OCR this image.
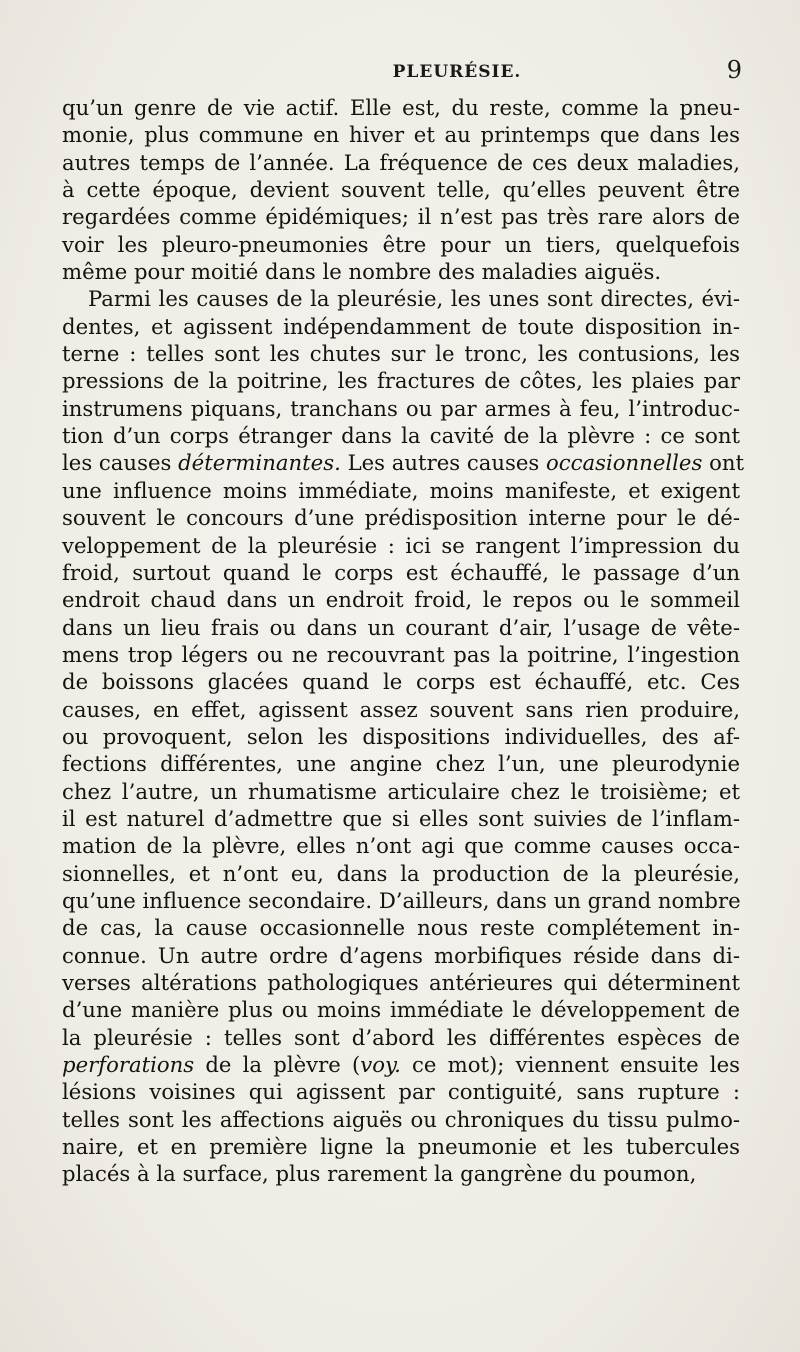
PLEURÉSIE.	9

qu’un genre de vie actif. Elle est, du reste, comme la pneu-
monie, plus commune en hiver et au printemps que dans les
autres temps de l’année. La fréquence de ces deux maladies,
à cette époque, devient souvent telle, qu’elles peuvent être
regardées comme épidémiques; il n’est pas très rare alors de
voir les pleuro-pneumonies être pour un tiers, quelquefois
même pour moitié dans le nombre des maladies aiguës.

Parmi les causes de la pleurésie, les unes sont directes, évi-
dentes, et agissent indépendamment de toute disposition in-
terne : telles sont les chutes sur le tronc, les contusions, les
pressions de la poitrine, les fractures de côtes, les plaies par
instrumens piquans, tranchans ou par armes à feu, l’introduc-
tion d’un corps étranger dans la cavité de la plèvre : ce sont
les causes déterminantes. Les autres causes occasionnelles ont
une influence moins immédiate, moins manifeste, et exigent
souvent le concours d’une prédisposition interne pour le dé-
veloppement de la pleurésie : ici se rangent l’impression du
froid, surtout quand le corps est échauffé, le passage d’un
endroit chaud dans un endroit froid, le repos ou le sommeil
dans un lieu frais ou dans un courant d’air, l’usage de vête-
mens trop légers ou ne recouvrant pas la poitrine, l’ingestion
de boissons glacées quand le corps est échauffé, etc. Ces
causes, en effet, agissent assez souvent sans rien produire,
ou provoquent, selon les dispositions individuelles, des af-
fections différentes, une angine chez l’un, une pleurodynie
chez l’autre, un rhumatisme articulaire chez le troisième; et
il est naturel d’admettre que si elles sont suivies de l’inflam-
mation de la plèvre, elles n’ont agi que comme causes occa-
sionnelles, et n’ont eu, dans la production de la pleurésie,
qu’une influence secondaire. D’ailleurs, dans un grand nombre
de cas, la cause occasionnelle nous reste complétement in-
connue. Un autre ordre d’agens morbifiques réside dans di-
verses altérations pathologiques antérieures qui déterminent
d’une manière plus ou moins immédiate le développement de
la pleurésie : telles sont d’abord les différentes espèces de
perforations de la plèvre (voy. ce mot); viennent ensuite les
lésions voisines qui agissent par contiguité, sans rupture :
telles sont les affections aiguës ou chroniques du tissu pulmo-
naire, et en première ligne la pneumonie et les tubercules
placés à la surface, plus rarement la gangrène du poumon,
